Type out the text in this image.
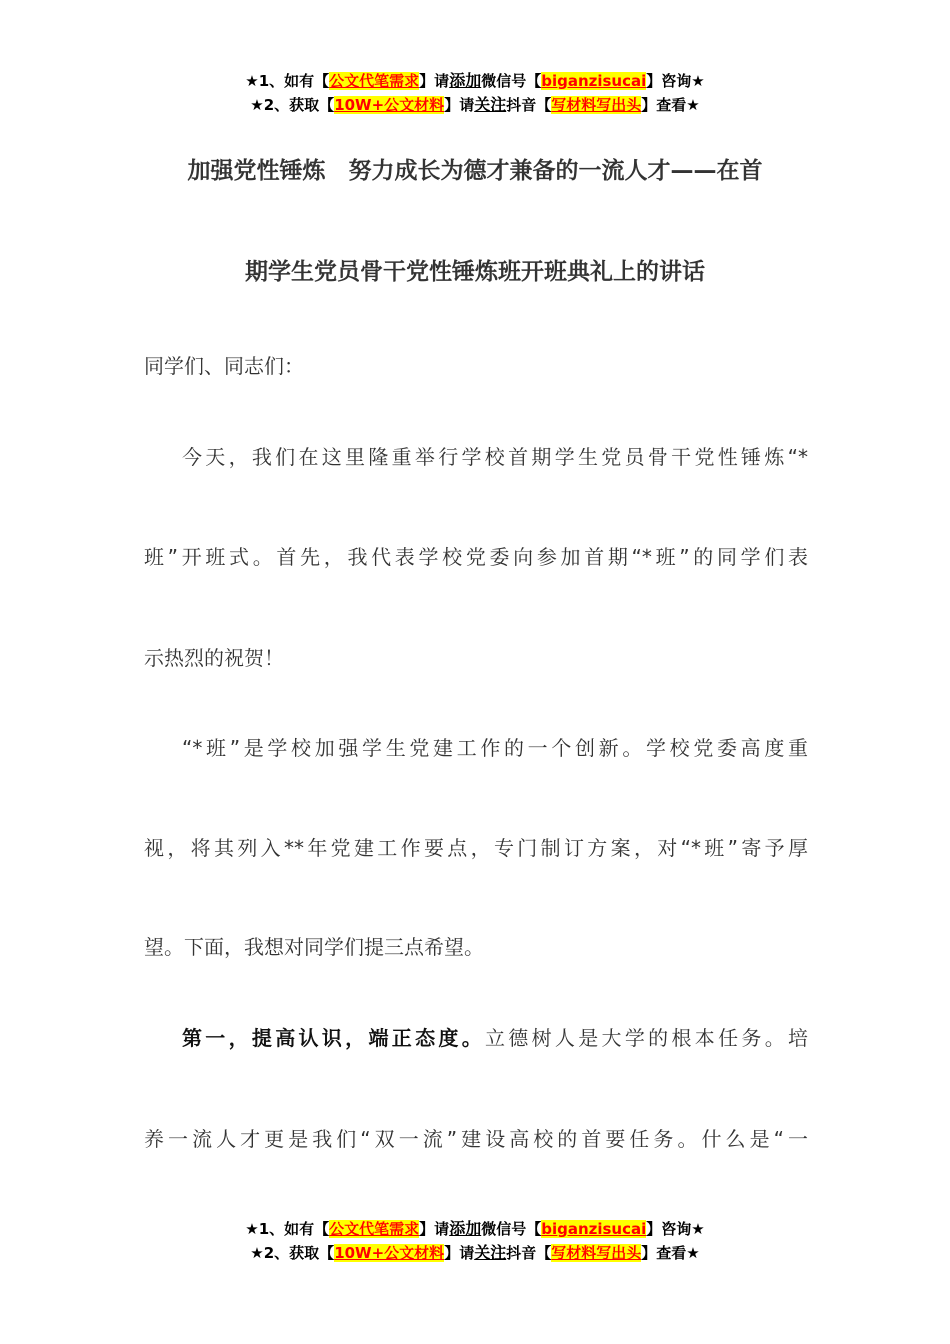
★1、如有【公文代笔需求】请添加微信号【biganzisucai】咨询★
★2、获取【10W+公文材料】请关注抖音【写材料写出头】查看★
加强党性锤炼　努力成长为德才兼备的一流人才——在首
期学生党员骨干党性锤炼班开班典礼上的讲话
同学们、同志们：
今天，我们在这里隆重举行学校首期学生党员骨干党性锤炼“*
班”开班式。首先，我代表学校党委向参加首期“*班”的同学们表
示热烈的祝贺！
“*班”是学校加强学生党建工作的一个创新。学校党委高度重
视，将其列入**年党建工作要点，专门制订方案，对“*班”寄予厚
望。下面，我想对同学们提三点希望。
第一，提高认识，端正态度。立德树人是大学的根本任务。培
养一流人才更是我们“双一流”建设高校的首要任务。什么是“一
★1、如有【公文代笔需求】请添加微信号【biganzisucai】咨询★
★2、获取【10W+公文材料】请关注抖音【写材料写出头】查看★
